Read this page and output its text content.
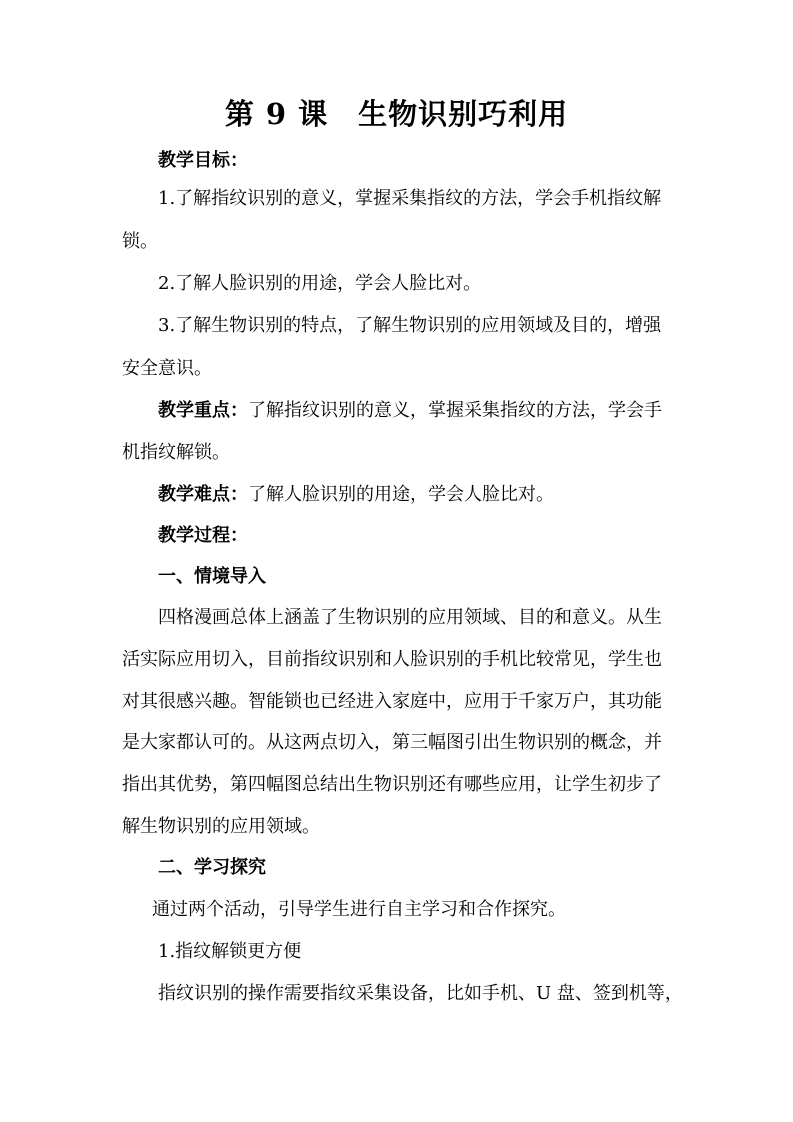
第 9 课　生物识别巧利用
教学目标：
1.了解指纹识别的意义，掌握采集指纹的方法，学会手机指纹解
锁。
2.了解人脸识别的用途，学会人脸比对。
3.了解生物识别的特点，了解生物识别的应用领域及目的，增强
安全意识。
教学重点：了解指纹识别的意义，掌握采集指纹的方法，学会手
机指纹解锁。
教学难点：了解人脸识别的用途，学会人脸比对。
教学过程：
一、情境导入
四格漫画总体上涵盖了生物识别的应用领域、目的和意义。从生
活实际应用切入，目前指纹识别和人脸识别的手机比较常见，学生也
对其很感兴趣。智能锁也已经进入家庭中，应用于千家万户，其功能
是大家都认可的。从这两点切入，第三幅图引出生物识别的概念，并
指出其优势，第四幅图总结出生物识别还有哪些应用，让学生初步了
解生物识别的应用领域。
二、学习探究
通过两个活动，引导学生进行自主学习和合作探究。
1.指纹解锁更方便
指纹识别的操作需要指纹采集设备，比如手机、U 盘、签到机等，
